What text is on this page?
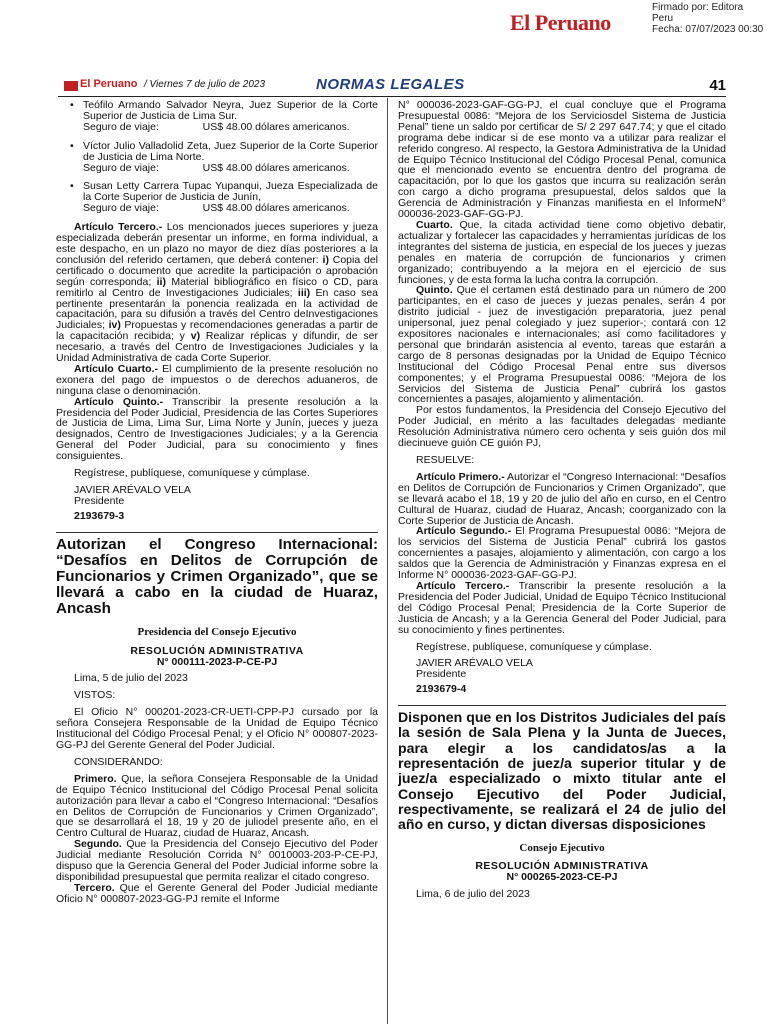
El Peruano
Firmado por: Editora
Peru
Fecha: 07/07/2023 00:30
El Peruano / Viernes 7 de julio de 2023	NORMAS LEGALES	41
• Teófilo Armando Salvador Neyra, Juez Superior de la Corte Superior de Justicia de Lima Sur.
Seguro de viaje:               US$ 48.00 dólares americanos.
• Víctor Julio Valladolid Zeta, Juez Superior de la Corte Superior de Justicia de Lima Norte.
Seguro de viaje:               US$ 48.00 dólares americanos.
• Susan Letty Carrera Tupac Yupanqui, Jueza Especializada de la Corte Superior de Justicia de Junín,
Seguro de viaje:               US$ 48.00 dólares americanos.

Artículo Tercero.- Los mencionados jueces superiores y jueza especializada deberán presentar un informe, en forma individual, a este despacho, en un plazo no mayor de diez días posteriores a la conclusión del referido certamen, que deberá contener: i) Copia del certificado o documento que acredite la participación o aprobación según corresponda; ii) Material bibliográfico en físico o CD, para remitirlo al Centro de Investigaciones Judiciales; iii) En caso sea pertinente presentarán la ponencia realizada en la actividad de capacitación, para su difusión a través del Centro deInvestigaciones Judiciales; iv) Propuestas y recomendaciones generadas a partir de la capacitación recibida; y v) Realizar réplicas y difundir, de ser necesario, a través del Centro de Investigaciones Judiciales y la Unidad Administrativa de cada Corte Superior.

Artículo Cuarto.- El cumplimiento de la presente resolución no exonera del pago de impuestos o de derechos aduaneros, de ninguna clase o denominación.

Artículo Quinto.- Transcribir la presente resolución a la Presidencia del Poder Judicial, Presidencia de las Cortes Superiores de Justicia de Lima, Lima Sur, Lima Norte y Junín, jueces y jueza designados, Centro de Investigaciones Judiciales; y a la Gerencia General del Poder Judicial, para su conocimiento y fines consiguientes.

Regístrese, publíquese, comuníquese y cúmplase.

JAVIER ARÉVALO VELA

Presidente

2193679-3

Autorizan el Congreso Internacional: “Desafíos en Delitos de Corrupción de Funcionarios y Crimen Organizado”, que se llevará a cabo en la ciudad de Huaraz, Ancash
Presidencia del Consejo Ejecutivo
RESOLUCIÓN ADMINISTRATIVA
N° 000111-2023-P-CE-PJ

Lima, 5 de julio del 2023

VISTOS:

El Oficio N° 000201-2023-CR-UETI-CPP-PJ cursado por la señora Consejera Responsable de la Unidad de Equipo Técnico Institucional del Código Procesal Penal; y el Oficio N° 000807-2023-GG-PJ del Gerente General del Poder Judicial.

CONSIDERANDO:

Primero. Que, la señora Consejera Responsable de la Unidad de Equipo Técnico Institucional del Código Procesal Penal solicita autorización para llevar a cabo el “Congreso Internacional: “Desafíos en Delitos de Corrupción de Funcionarios y Crimen Organizado”, que se desarrollará el 18, 19 y 20 de juliodel presente año, en el Centro Cultural de Huaraz, ciudad de Huaraz, Ancash.

Segundo. Que la Presidencia del Consejo Ejecutivo del Poder Judicial mediante Resolución Corrida N° 0010003-203-P-CE-PJ, dispuso que la Gerencia General del Poder Judicial informe sobre la disponibilidad presupuestal que permita realizar el citado congreso.

Tercero. Que el Gerente General del Poder Judicial mediante Oficio N° 000807-2023-GG-PJ remite el Informe

N° 000036-2023-GAF-GG-PJ, el cual concluye que el Programa Presupuestal 0086: “Mejora de los Serviciosdel Sistema de Justicia Penal” tiene un saldo por certificar de S/ 2 297 647.74; y que el citado programa debe indicar si de ese monto va a utilizar para realizar el referido congreso. Al respecto, la Gestora Administrativa de la Unidad de Equipo Técnico Institucional del Código Procesal Penal, comunica que el mencionado evento se encuentra dentro del programa de capacitación, por lo que los gastos que incurra su realización serán con cargo a dicho programa presupuestal, delos saldos que la Gerencia de Administración y Finanzas manifiesta en el InformeN° 000036-2023-GAF-GG-PJ.

Cuarto. Que, la citada actividad tiene como objetivo debatir, actualizar y fortalecer las capacidades y herramientas jurídicas de los integrantes del sistema de justicia, en especial de los jueces y juezas penales en materia de corrupción de funcionarios y crimen organizado; contribuyendo a la mejora en el ejercicio de sus funciones, y de esta forma la lucha contra la corrupción.

Quinto. Que el certamen está destinado para un número de 200 participantes, en el caso de jueces y juezas penales, serán 4 por distrito judicial - juez de investigación preparatoria, juez penal unipersonal, juez penal colegiado y juez superior-; contará con 12 expositores nacionales e internacionales; así como facilitadores y personal que brindarán asistencia al evento, tareas que estarán a cargo de 8 personas designadas por la Unidad de Equipo Técnico Institucional del Código Procesal Penal entre sus diversos componentes; y el Programa Presupuestal 0086: “Mejora de los Servicios del Sistema de Justicia Penal” cubrirá los gastos concernientes a pasajes, alojamiento y alimentación.

Por estos fundamentos, la Presidencia del Consejo Ejecutivo del Poder Judicial, en mérito a las facultades delegadas mediante Resolución Administrativa número cero ochenta y seis guión dos mil diecinueve guión CE guión PJ,

RESUELVE:

Artículo Primero.- Autorizar el “Congreso Internacional: “Desafíos en Delitos de Corrupción de Funcionarios y Crimen Organizado”, que se llevará acabo el 18, 19 y 20 de julio del año en curso, en el Centro Cultural de Huaraz, ciudad de Huaraz, Ancash; coorganizado con la Corte Superior de Justicia de Ancash.

Artículo Segundo.- El Programa Presupuestal 0086: “Mejora de los servicios del Sistema de Justicia Penal” cubrirá los gastos concernientes a pasajes, alojamiento y alimentación, con cargo a los saldos que la Gerencia de Administración y Finanzas expresa en el Informe N° 000036-2023-GAF-GG-PJ.

Artículo Tercero.- Transcribir la presente resolución a la Presidencia del Poder Judicial, Unidad de Equipo Técnico Institucional del Código Procesal Penal; Presidencia de la Corte Superior de Justicia de Ancash; y a la Gerencia General del Poder Judicial, para su conocimiento y fines pertinentes.

Regístrese, publíquese, comuníquese y cúmplase.

JAVIER ARÉVALO VELA

Presidente

2193679-4

Disponen que en los Distritos Judiciales del país la sesión de Sala Plena y la Junta de Jueces, para elegir a los candidatos/as a la representación de juez/a superior titular y de juez/a especializado o mixto titular ante el Consejo Ejecutivo del Poder Judicial, respectivamente, se realizará el 24 de julio del año en curso, y dictan diversas disposiciones
Consejo Ejecutivo
RESOLUCIÓN ADMINISTRATIVA
N° 000265-2023-CE-PJ

Lima, 6 de julio del 2023
